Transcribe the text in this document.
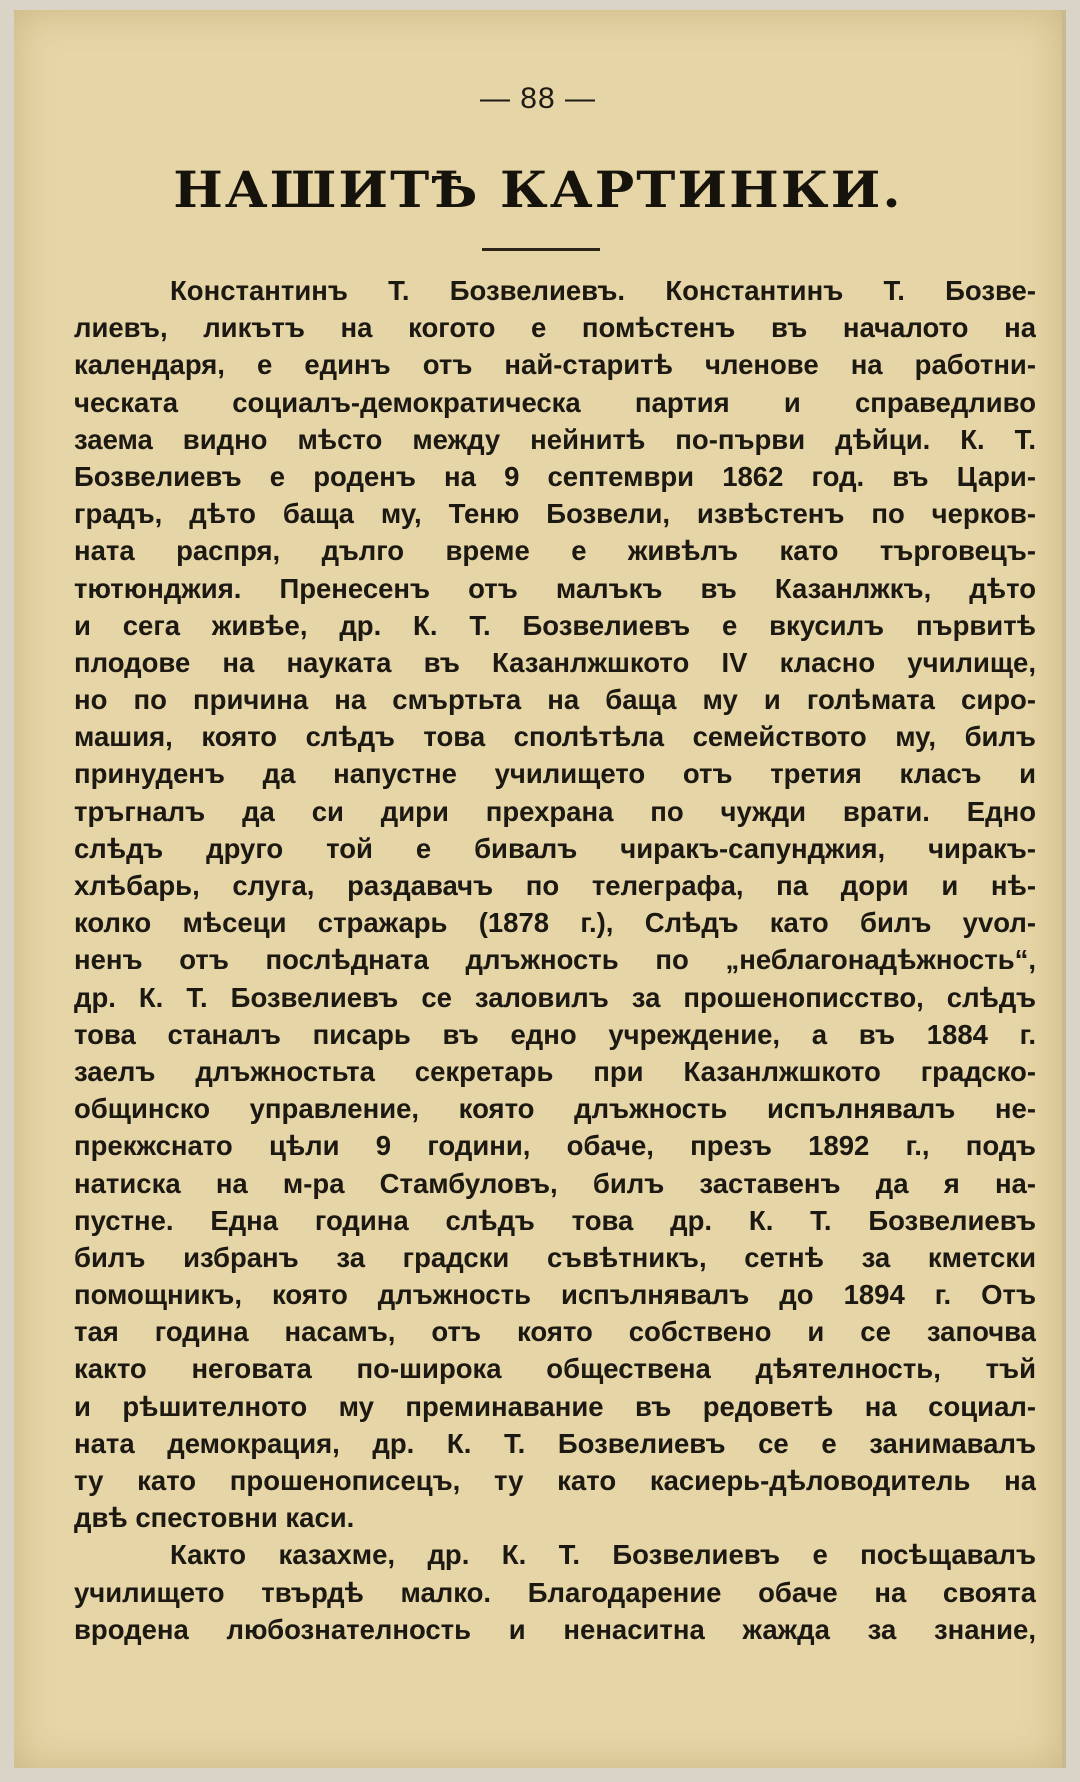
— 88 —
НАШИТѢ КАРТИНКИ.
Константинъ Т. Бозвелиевъ. Константинъ Т. Бозве-
лиевъ, ликътъ на когото е помѣстенъ въ началото на
календаря, е единъ отъ най-старитѣ членове на работни-
ческата социалъ-демократическа партия и справедливо
заема видно мѣсто между нейнитѣ по-първи дѣйци. К. Т.
Бозвелиевъ е роденъ на 9 септември 1862 год. въ Цари-
градъ, дѣто баща му, Теню Бозвели, извѣстенъ по черков-
ната распря, дълго време е живѣлъ като търговецъ-
тютюнджия. Пренесенъ отъ малъкъ въ Казанлжкъ, дѣто
и сега живѣе, др. К. Т. Бозвелиевъ е вкусилъ първитѣ
плодове на науката въ Казанлжшкото IV класно училище,
но по причина на смъртьта на баща му и голѣмата сиро-
машия, която слѣдъ това сполѣтѣла семейството му, билъ
принуденъ да напустне училището отъ третия класъ и
тръгналъ да си дири прехрана по чужди врати. Едно
слѣдъ друго той е бивалъ чиракъ-сапунджия, чиракъ-
хлѣбарь, слуга, раздавачъ по телеграфа, па дори и нѣ-
колко мѣсеци стражарь (1878 г.), Слѣдъ като билъ уvол-
ненъ отъ послѣдната длъжность по „неблагонадѣжность“,
др. К. Т. Бозвелиевъ се заловилъ за прошенописство, слѣдъ
това станалъ писарь въ едно учреждение, а въ 1884 г.
заелъ длъжностьта секретарь при Казанлжшкото градско-
общинско управление, която длъжность испълнявалъ не-
прекжснато цѣли 9 години, обаче, презъ 1892 г., подъ
натиска на м-ра Стамбуловъ, билъ заставенъ да я на-
пустне. Една година слѣдъ това др. К. Т. Бозвелиевъ
билъ избранъ за градски съвѣтникъ, сетнѣ за кметски
помощникъ, която длъжность испълнявалъ до 1894 г. Отъ
тая година насамъ, отъ която собствено и се започва
както неговата по-широка обществена дѣятелность, тъй
и рѣшителното му преминавание въ редоветѣ на социал-
ната демокрация, др. К. Т. Бозвелиевъ се е занимавалъ
ту като прошенописецъ, ту като касиерь-дѣловодитель на
двѣ спестовни каси.
Както казахме, др. К. Т. Бозвелиевъ е посѣщавалъ
училището твърдѣ малко. Благодарение обаче на своята
вродена любознателность и ненаситна жажда за знание,
